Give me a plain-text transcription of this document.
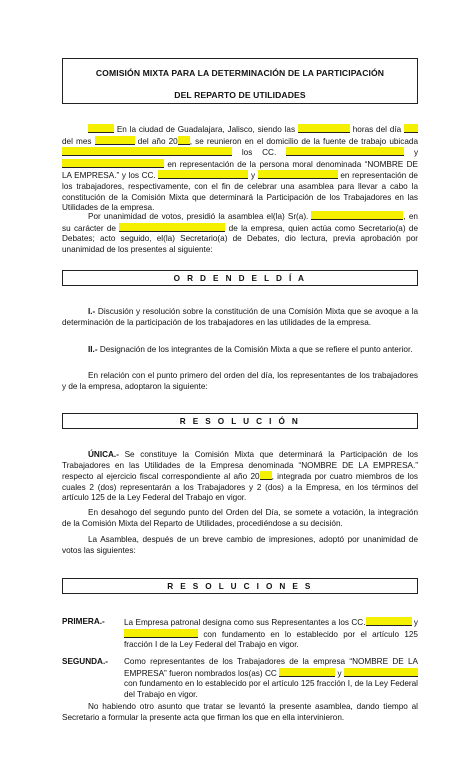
COMISIÓN MIXTA PARA LA DETERMINACIÓN DE LA PARTICIPACIÓN
DEL REPARTO DE UTILIDADES
En la ciudad de Guadalajara, Jalisco, siendo las	horas del día del mes	del año 20 , se reunieron en el domicilio de la fuente de trabajo ubicada  los CC.	y  en representación de la persona moral denominada “NOMBRE DE LA EMPRESA.” y los CC.	y	en representación de los trabajadores, respectivamente, con el fin de celebrar una asamblea para llevar a cabo la constitución de la Comisión Mixta que determinará la Participación de los Trabajadores en las Utilidades de la empresa.
Por unanimidad de votos, presidió la asamblea el(la) Sr(a).	, en su carácter de	de la empresa, quien actúa como Secretario(a) de Debates; acto seguido, el(la) Secretario(a) de Debates, dio lectura, previa aprobación por unanimidad de los presentes al siguiente:
O R D E N D E L D Í A
I.- Discusión y resolución sobre la constitución de una Comisión Mixta que se avoque a la determinación de la participación de los trabajadores en las utilidades de la empresa.
II.- Designación de los integrantes de la Comisión Mixta a que se refiere el punto anterior.
En relación con el punto primero del orden del día, los representantes de los trabajadores y de la empresa, adoptaron la siguiente:
R E S O L U C I Ó N
ÚNICA.- Se constituye la Comisión Mixta que determinará la Participación de los Trabajadores en las Utilidades de la Empresa denominada “NOMBRE DE LA EMPRESA.” respecto al ejercicio fiscal correspondiente al año 20 , integrada por cuatro miembros de los cuales 2 (dos) representarán a los Trabajadores y 2 (dos) a la Empresa, en los términos del artículo 125 de la Ley Federal del Trabajo en vigor.
En desahogo del segundo punto del Orden del Día, se somete a votación, la integración de la Comisión Mixta del Reparto de Utilidades, procediéndose a su decisión.
La Asamblea, después de un breve cambio de impresiones, adoptó por unanimidad de votos las siguientes:
R E S O L U C I O N E S
PRIMERA.- La Empresa patronal designa como sus Representantes a los CC.	y  con fundamento en lo establecido por el artículo 125 fracción I de la Ley Federal del Trabajo en vigor.
SEGUNDA.- Como representantes de los Trabajadores de la empresa “NOMBRE DE LA EMPRESA” fueron nombrados los(as) CC	y  con fundamento en lo establecido por el artículo 125 fracción I, de la Ley Federal del Trabajo en vigor.
No habiendo otro asunto que tratar se levantó la presente asamblea, dando tiempo al Secretario a formular la presente acta que firman los que en ella intervinieron.
